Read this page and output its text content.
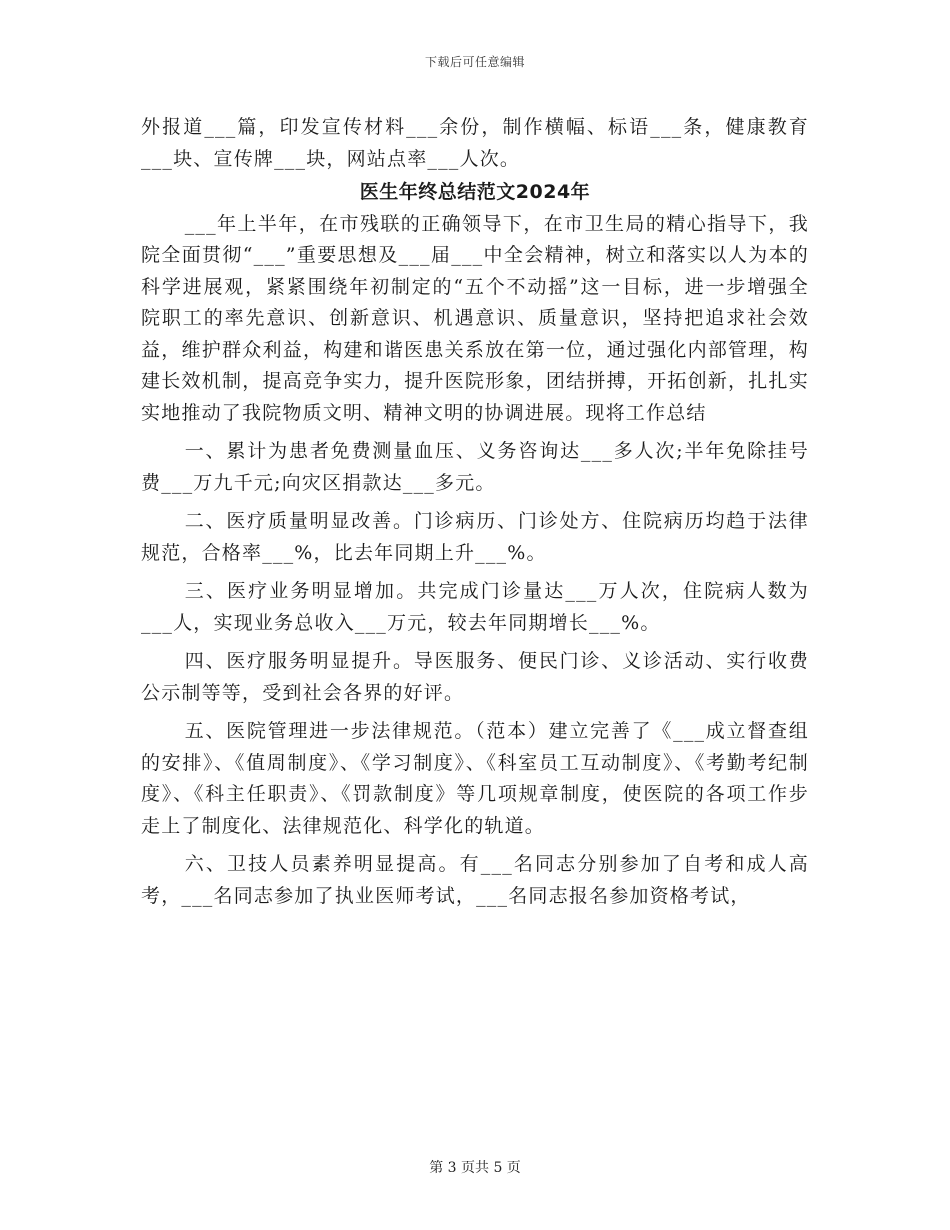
下载后可任意编辑

外报道___篇，印发宣传材料___余份，制作横幅、标语___条，健康教育___块、宣传牌___块，网站点率___人次。

医生年终总结范文2024年

___年上半年，在市残联的正确领导下，在市卫生局的精心指导下，我院全面贯彻“___”重要思想及___届___中全会精神，树立和落实以人为本的科学进展观，紧紧围绕年初制定的“五个不动摇”这一目标，进一步增强全院职工的率先意识、创新意识、机遇意识、质量意识，坚持把追求社会效益，维护群众利益，构建和谐医患关系放在第一位，通过强化内部管理，构建长效机制，提高竞争实力，提升医院形象，团结拼搏，开拓创新，扎扎实实地推动了我院物质文明、精神文明的协调进展。现将工作总结

一、累计为患者免费测量血压、义务咨询达___多人次;半年免除挂号费___万九千元;向灾区捐款达___多元。

二、医疗质量明显改善。门诊病历、门诊处方、住院病历均趋于法律规范，合格率___%，比去年同期上升___%。

三、医疗业务明显增加。共完成门诊量达___万人次，住院病人数为___人，实现业务总收入___万元，较去年同期增长___%。

四、医疗服务明显提升。导医服务、便民门诊、义诊活动、实行收费公示制等等，受到社会各界的好评。

五、医院管理进一步法律规范。（范本）建立完善了《___成立督查组的安排》、《值周制度》、《学习制度》、《科室员工互动制度》、《考勤考纪制度》、《科主任职责》、《罚款制度》等几项规章制度，使医院的各项工作步走上了制度化、法律规范化、科学化的轨道。

六、卫技人员素养明显提高。有___名同志分别参加了自考和成人高考，___名同志参加了执业医师考试，___名同志报名参加资格考试，

第 3 页共 5 页
